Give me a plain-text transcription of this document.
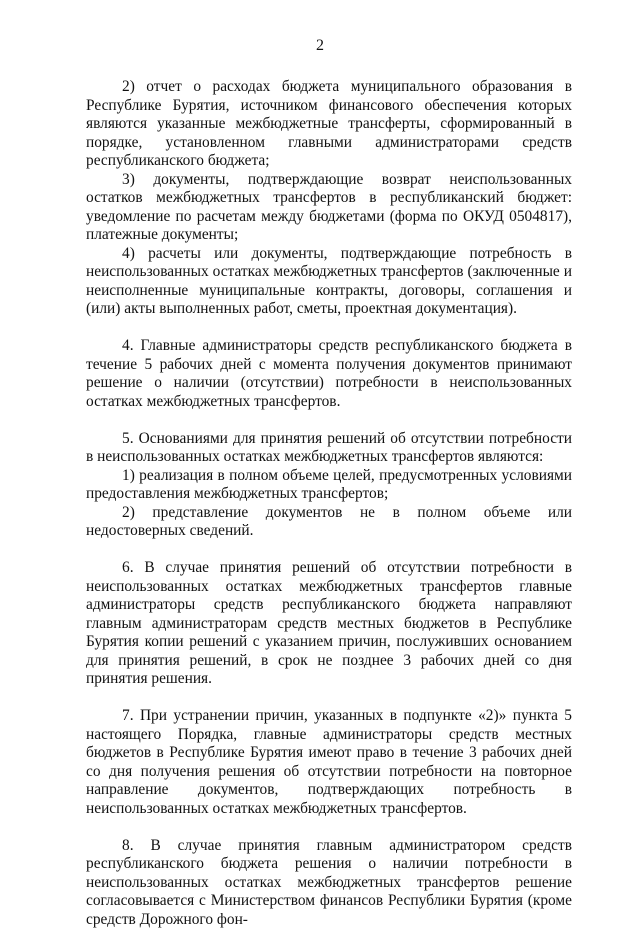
2

2) отчет о расходах бюджета муниципального образования в Республике Бурятия, источником финансового обеспечения которых являются указанные межбюджетные трансферты, сформированный в порядке, установленном главными администраторами средств республиканского бюджета;

3) документы, подтверждающие возврат неиспользованных остатков межбюджетных трансфертов в республиканский бюджет: уведомление по расчетам между бюджетами (форма по ОКУД 0504817), платежные документы;

4) расчеты или документы, подтверждающие потребность в неиспользованных остатках межбюджетных трансфертов (заключенные и неисполненные муниципальные контракты, договоры, соглашения и (или) акты выполненных работ, сметы, проектная документация).

4. Главные администраторы средств республиканского бюджета в течение 5 рабочих дней с момента получения документов принимают решение о наличии (отсутствии) потребности в неиспользованных остатках межбюджетных трансфертов.

5. Основаниями для принятия решений об отсутствии потребности в неиспользованных остатках межбюджетных трансфертов являются:

1) реализация в полном объеме целей, предусмотренных условиями предоставления межбюджетных трансфертов;

2) представление документов не в полном объеме или недостоверных сведений.

6. В случае принятия решений об отсутствии потребности в неиспользованных остатках межбюджетных трансфертов главные администраторы средств республиканского бюджета направляют главным администраторам средств местных бюджетов в Республике Бурятия копии решений с указанием причин, послуживших основанием для принятия решений, в срок не позднее 3 рабочих дней со дня принятия решения.

7. При устранении причин, указанных в подпункте «2)» пункта 5 настоящего Порядка, главные администраторы средств местных бюджетов в Республике Бурятия имеют право в течение 3 рабочих дней со дня получения решения об отсутствии потребности на повторное направление документов, подтверждающих потребность в неиспользованных остатках межбюджетных трансфертов.

8. В случае принятия главным администратором средств республиканского бюджета решения о наличии потребности в неиспользованных остатках межбюджетных трансфертов решение согласовывается с Министерством финансов Республики Бурятия (кроме средств Дорожного фон-
